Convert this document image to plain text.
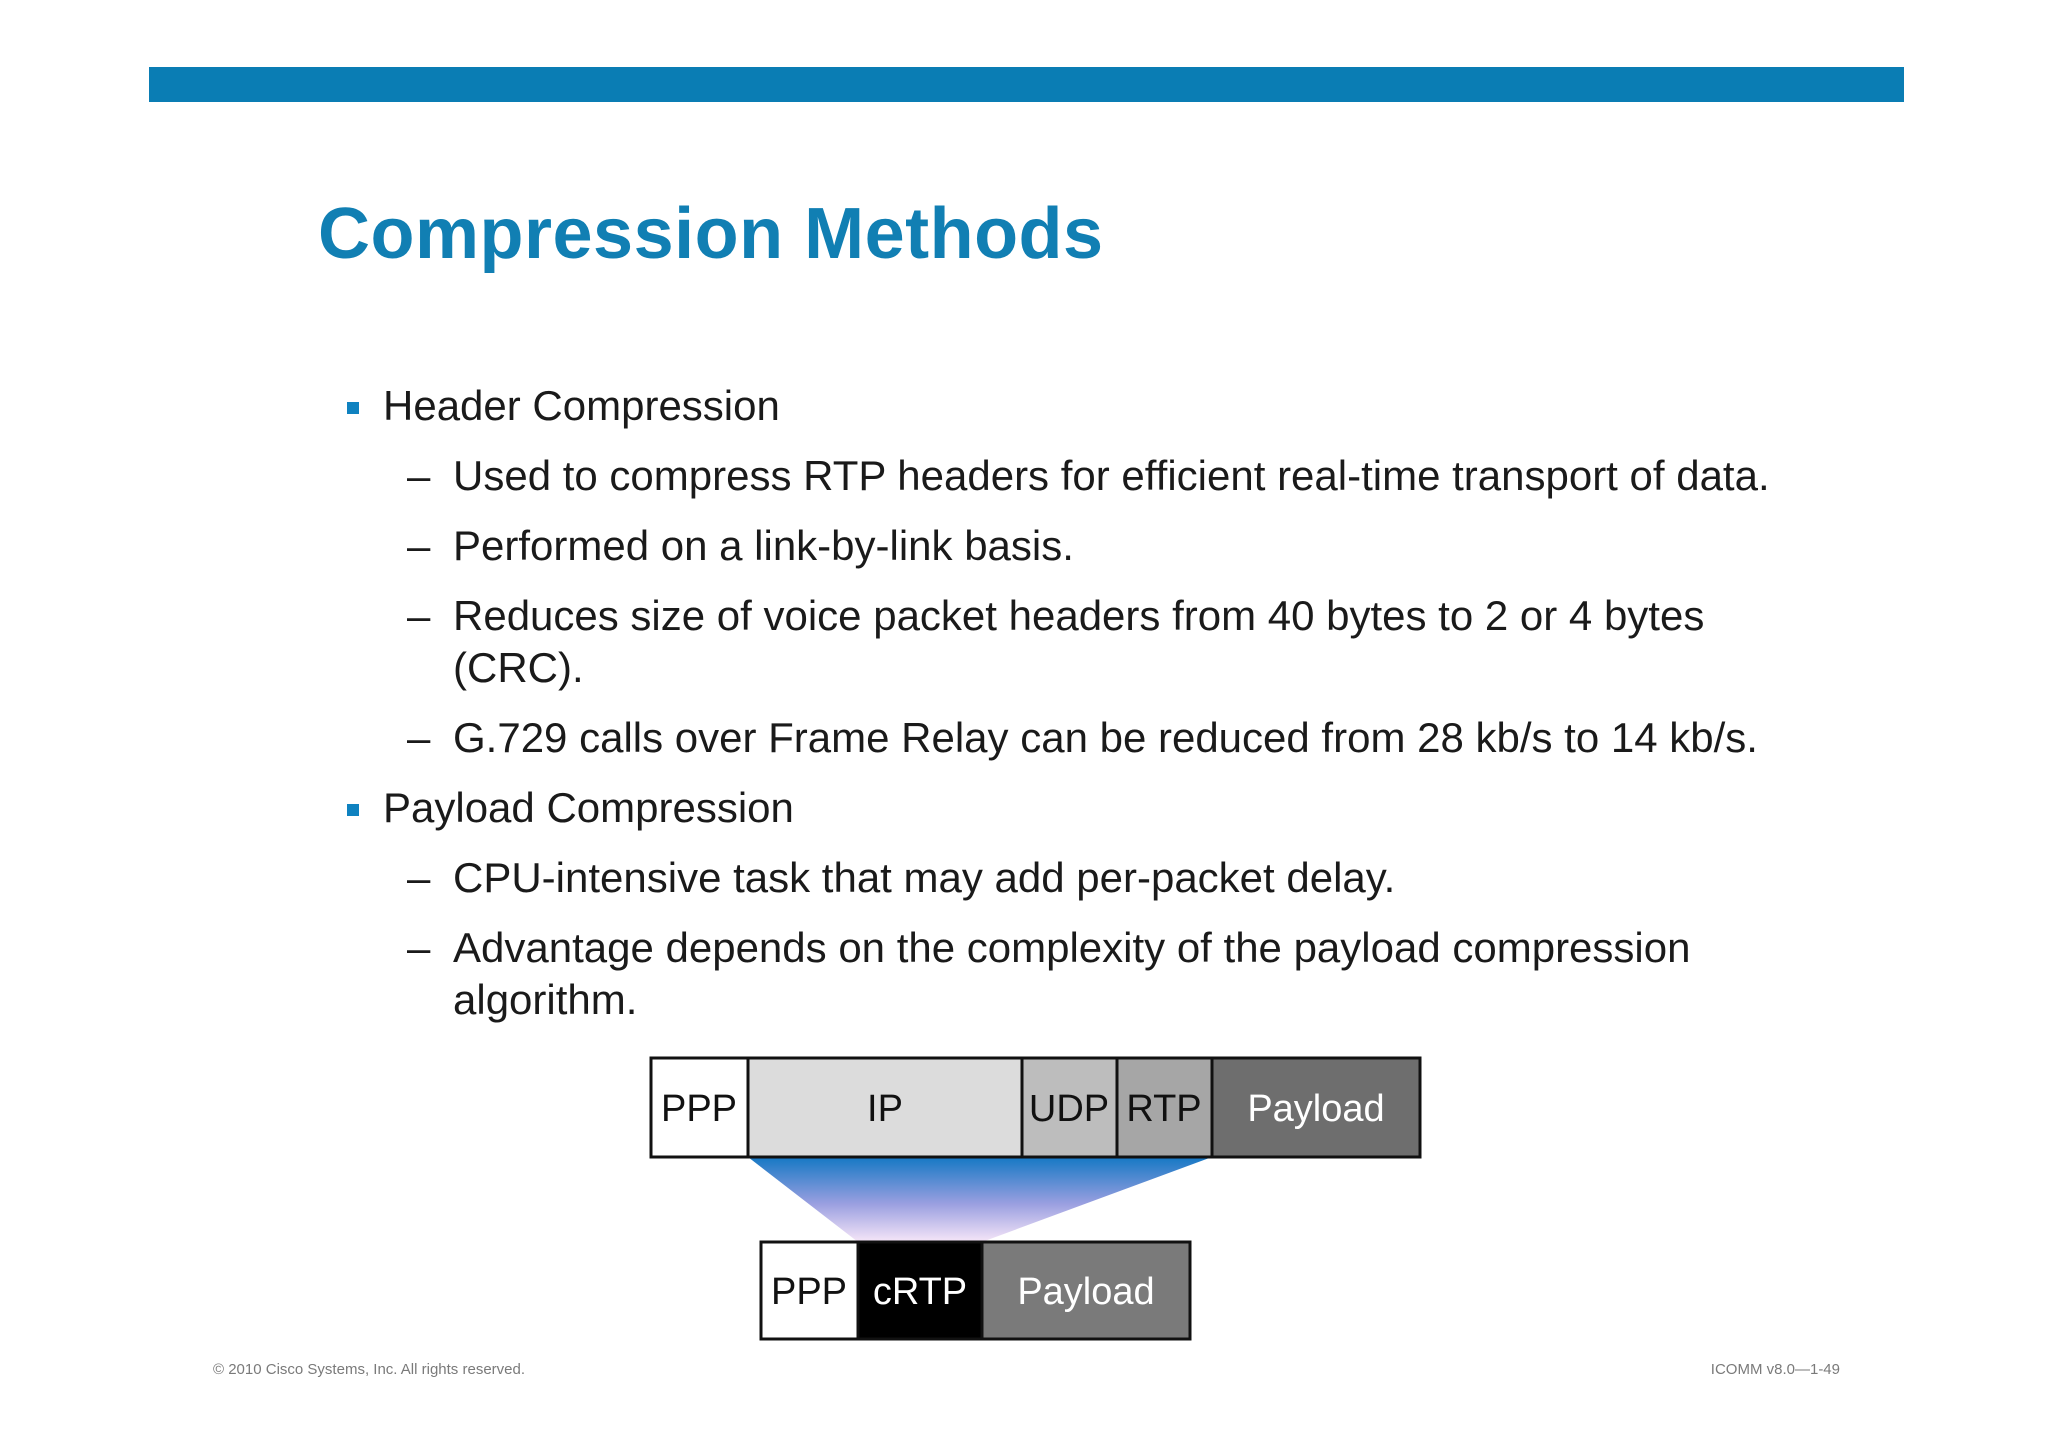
Compression Methods
Header Compression
– Used to compress RTP headers for efficient real-time transport of data.
– Performed on a link-by-link basis.
– Reduces size of voice packet headers from 40 bytes to 2 or 4 bytes (CRC).
– G.729 calls over Frame Relay can be reduced from 28 kb/s to 14 kb/s.
Payload Compression
– CPU-intensive task that may add per-packet delay.
– Advantage depends on the complexity of the payload compression algorithm.
PPP	IP	UDP RTP Payload
PPP cRTP Payload
© 2010 Cisco Systems, Inc. All rights reserved.	ICOMM v8.0—1-49
